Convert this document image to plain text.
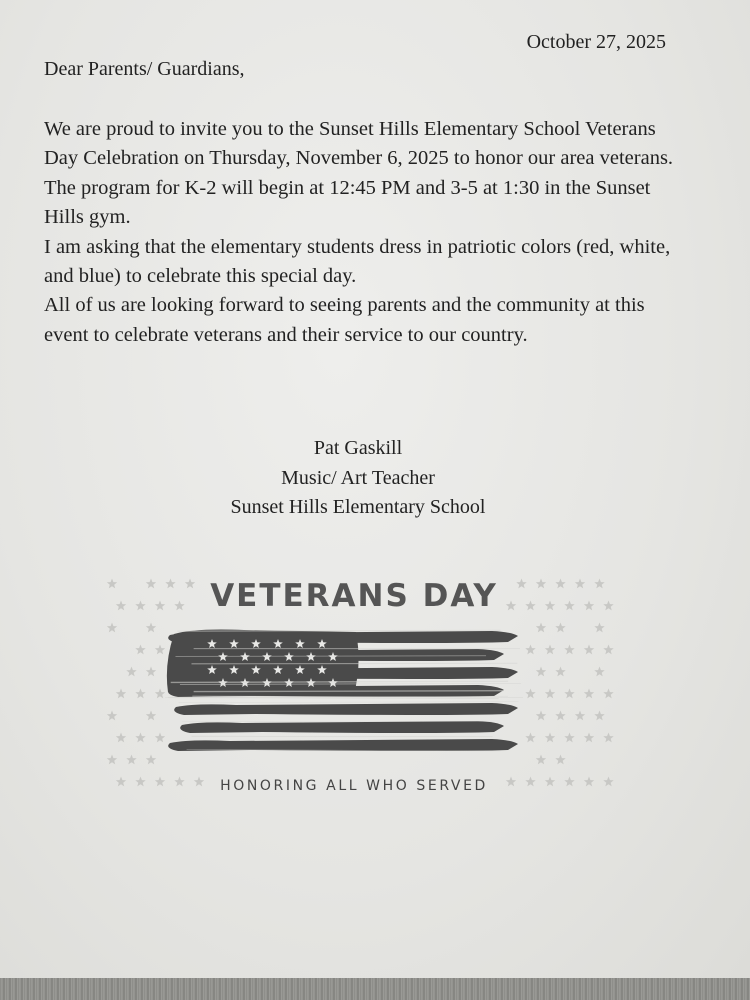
October 27, 2025
Dear Parents/ Guardians,

We are proud to invite you to the Sunset Hills Elementary School Veterans Day Celebration on Thursday, November 6, 2025 to honor our area veterans.

The program for K-2 will begin at 12:45 PM and 3-5 at 1:30 in the Sunset Hills gym.

I am asking that the elementary students dress in patriotic colors (red, white, and blue) to celebrate this special day.

All of us are looking forward to seeing parents and the community at this event to celebrate veterans and their service to our country.

Pat Gaskill
Music/ Art Teacher
Sunset Hills Elementary School
VETERANS DAY
HONORING ALL WHO SERVED
